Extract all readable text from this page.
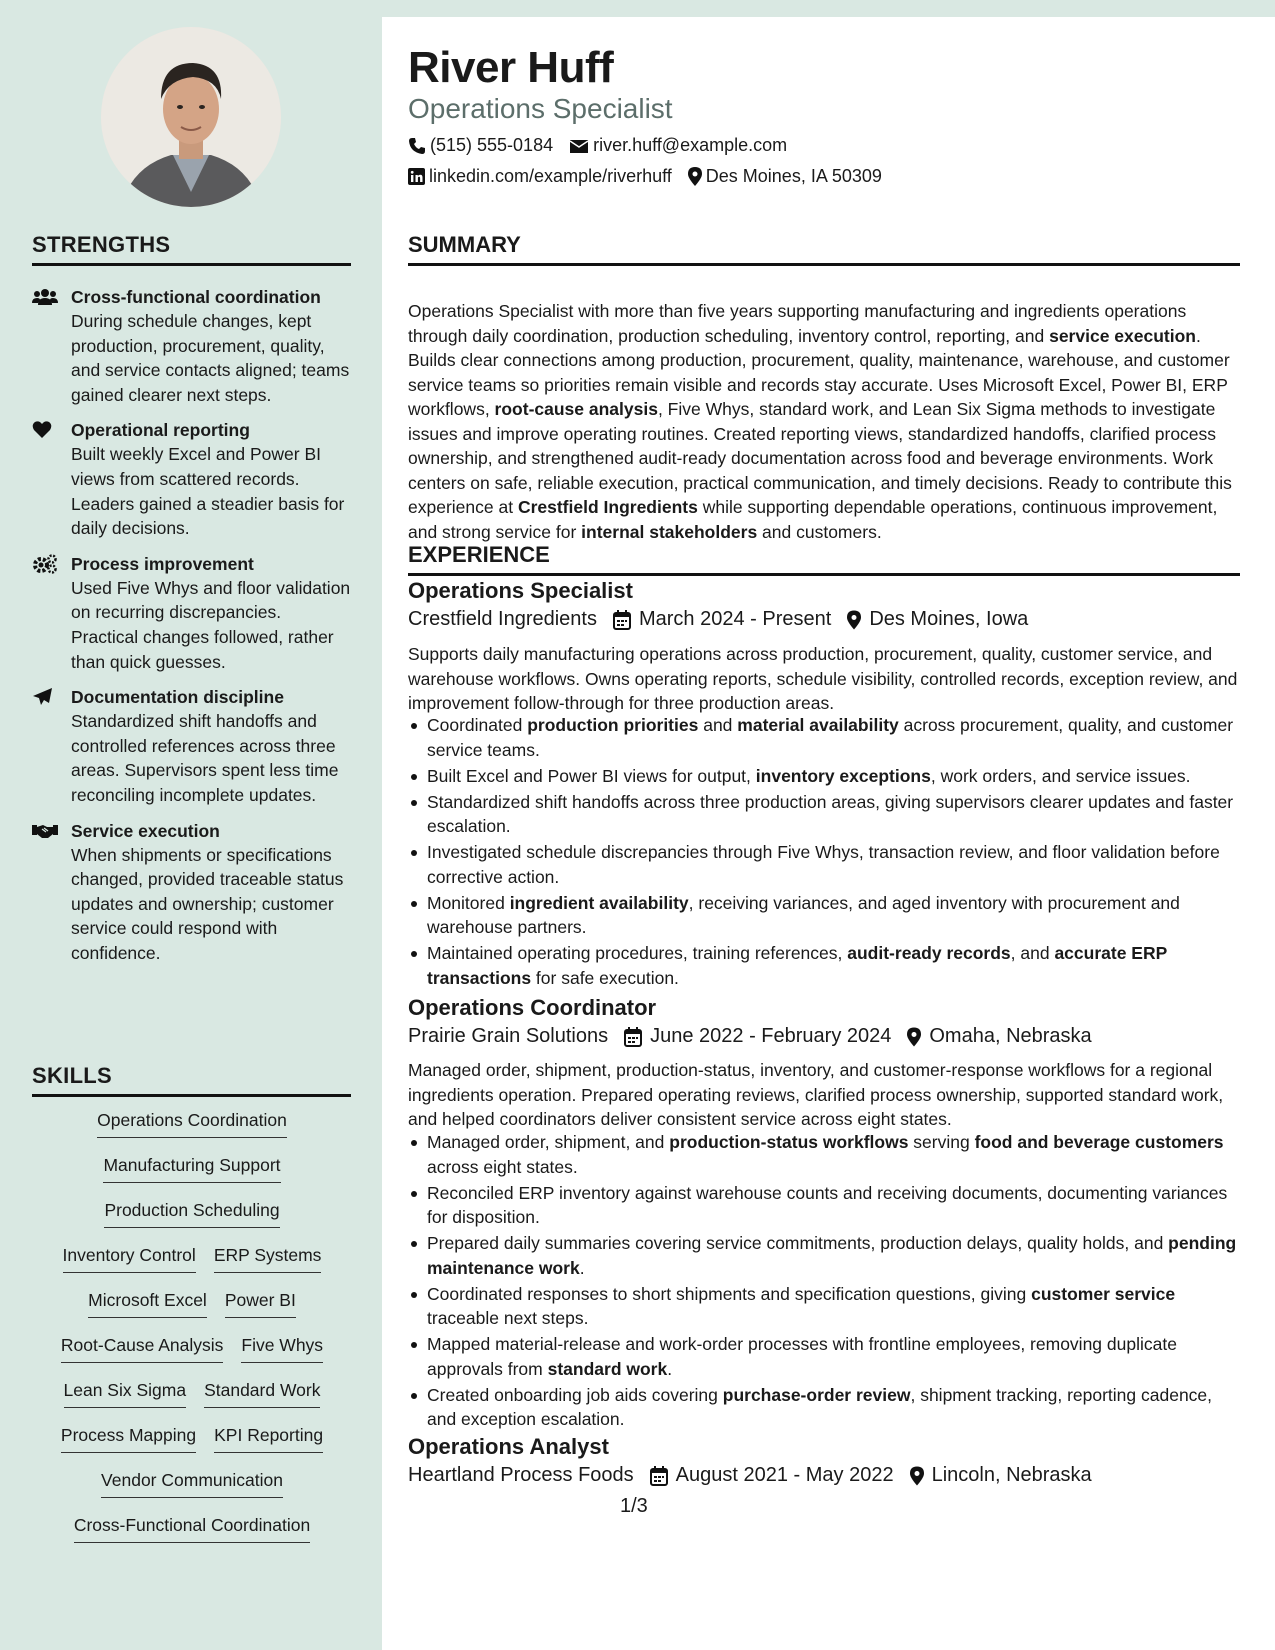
STRENGTHS
Cross-functional coordination
During schedule changes, kept production, procurement, quality, and service contacts aligned; teams gained clearer next steps.
Operational reporting
Built weekly Excel and Power BI views from scattered records. Leaders gained a steadier basis for daily decisions.
Process improvement
Used Five Whys and floor validation on recurring discrepancies. Practical changes followed, rather than quick guesses.
Documentation discipline
Standardized shift handoffs and controlled references across three areas. Supervisors spent less time reconciling incomplete updates.
Service execution
When shipments or specifications changed, provided traceable status updates and ownership; customer service could respond with confidence.
SKILLS
Operations Coordination
Manufacturing Support
Production Scheduling
Inventory Control ERP Systems
Microsoft Excel Power BI
Root-Cause Analysis Five Whys
Lean Six Sigma Standard Work
Process Mapping KPI Reporting
Vendor Communication
Cross-Functional Coordination
River Huff
Operations Specialist
(515) 555-0184 river.huff@example.com
linkedin.com/example/riverhuff Des Moines, IA 50309
SUMMARY

Operations Specialist with more than five years supporting manufacturing and ingredients operations through daily coordination, production scheduling, inventory control, reporting, and service execution. Builds clear connections among production, procurement, quality, maintenance, warehouse, and customer service teams so priorities remain visible and records stay accurate. Uses Microsoft Excel, Power BI, ERP workflows, root-cause analysis, Five Whys, standard work, and Lean Six Sigma methods to investigate issues and improve operating routines. Created reporting views, standardized handoffs, clarified process ownership, and strengthened audit-ready documentation across food and beverage environments. Work centers on safe, reliable execution, practical communication, and timely decisions. Ready to contribute this experience at Crestfield Ingredients while supporting dependable operations, continuous improvement, and strong service for internal stakeholders and customers.

EXPERIENCE
Operations Specialist
Crestfield Ingredients March 2024 - Present Des Moines, Iowa

Supports daily manufacturing operations across production, procurement, quality, customer service, and warehouse workflows. Owns operating reports, schedule visibility, controlled records, exception review, and improvement follow-through for three production areas.

Coordinated production priorities and material availability across procurement, quality, and customer service teams.
Built Excel and Power BI views for output, inventory exceptions, work orders, and service issues.
Standardized shift handoffs across three production areas, giving supervisors clearer updates and faster escalation.
Investigated schedule discrepancies through Five Whys, transaction review, and floor validation before corrective action.
Monitored ingredient availability, receiving variances, and aged inventory with procurement and warehouse partners.
Maintained operating procedures, training references, audit-ready records, and accurate ERP transactions for safe execution.
Operations Coordinator
Prairie Grain Solutions June 2022 - February 2024 Omaha, Nebraska

Managed order, shipment, production-status, inventory, and customer-response workflows for a regional ingredients operation. Prepared operating reviews, clarified process ownership, supported standard work, and helped coordinators deliver consistent service across eight states.

Managed order, shipment, and production-status workflows serving food and beverage customers across eight states.
Reconciled ERP inventory against warehouse counts and receiving documents, documenting variances for disposition.
Prepared daily summaries covering service commitments, production delays, quality holds, and pending maintenance work.
Coordinated responses to short shipments and specification questions, giving customer service traceable next steps.
Mapped material-release and work-order processes with frontline employees, removing duplicate approvals from standard work.
Created onboarding job aids covering purchase-order review, shipment tracking, reporting cadence, and exception escalation.
Operations Analyst
Heartland Process Foods August 2021 - May 2022 Lincoln, Nebraska
1/3
